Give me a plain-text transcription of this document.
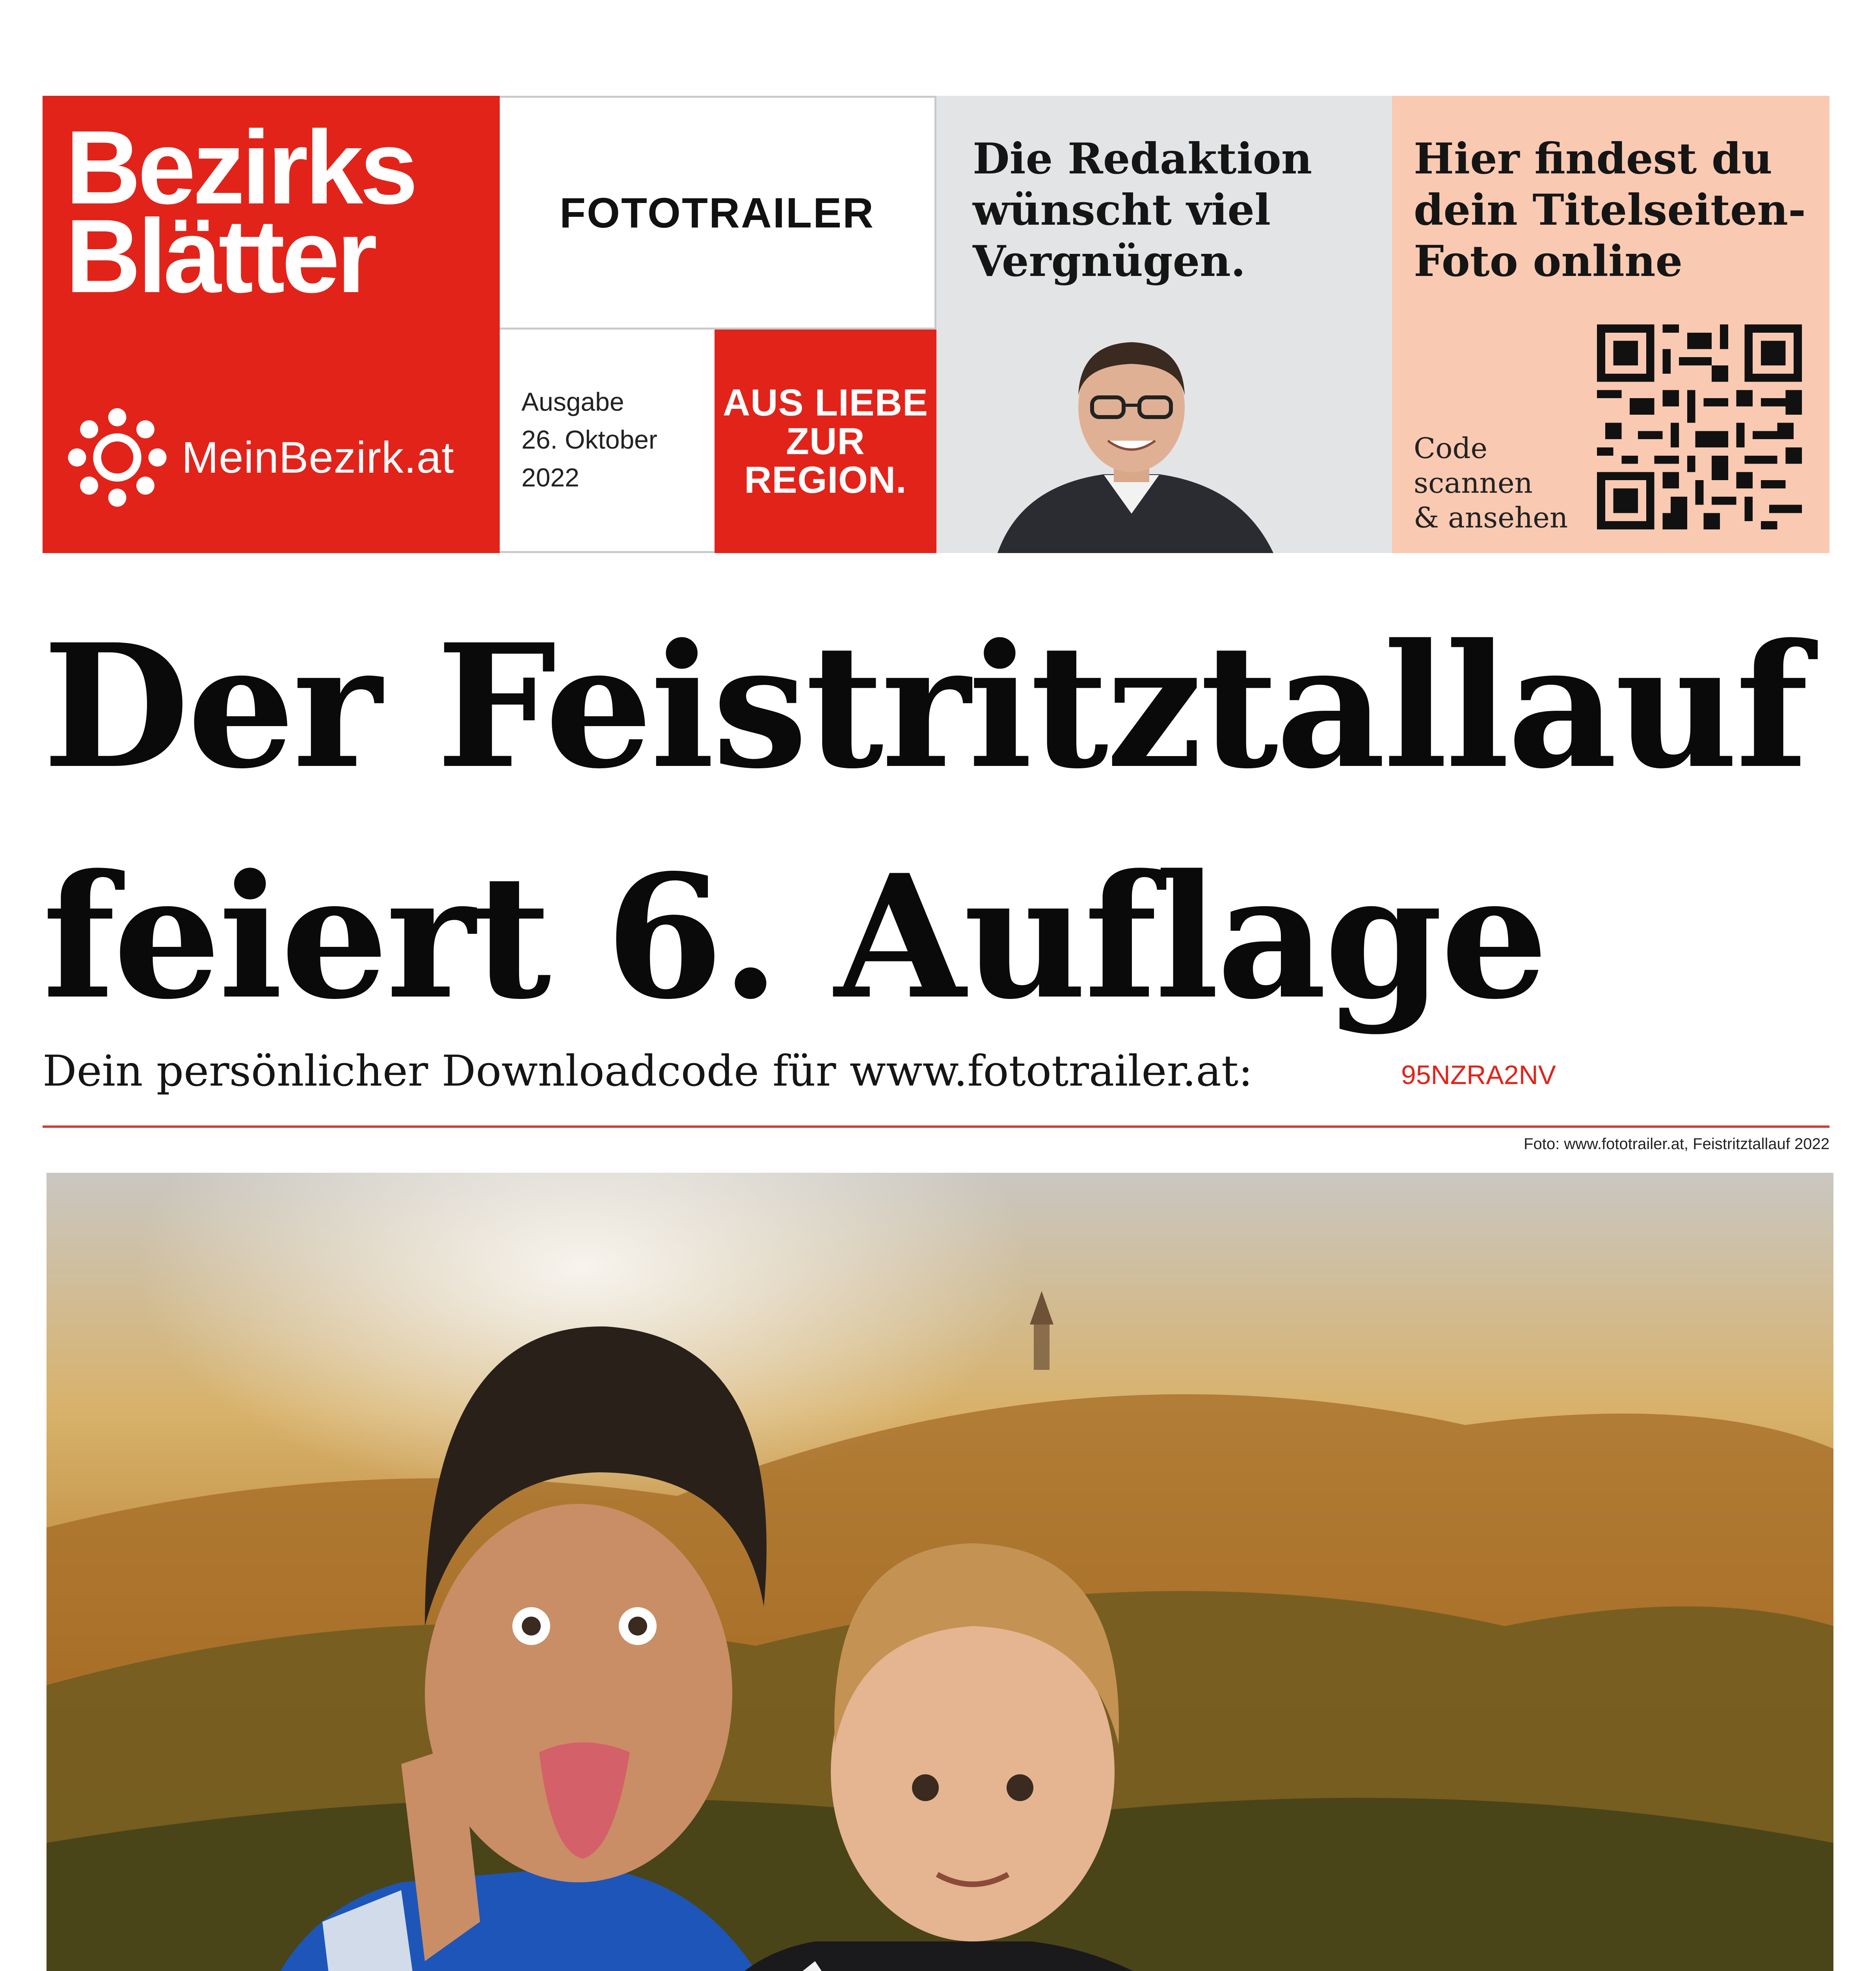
Bezirks
Blätter
MeinBezirk.at
FOTOTRAILER
Ausgabe
26. Oktober
2022
AUS LIEBE
ZUR
REGION.
Die Redaktion
wünscht viel
Vergnügen.
Hier findest du
dein Titelseiten-
Foto online
Code
scannen
& ansehen
Der Feistritztallauf
feiert 6. Auflage
Dein persönlicher Downloadcode für www.fototrailer.at:	95NZRA2NV
Foto: www.fototrailer.at, Feistritztallauf 2022
